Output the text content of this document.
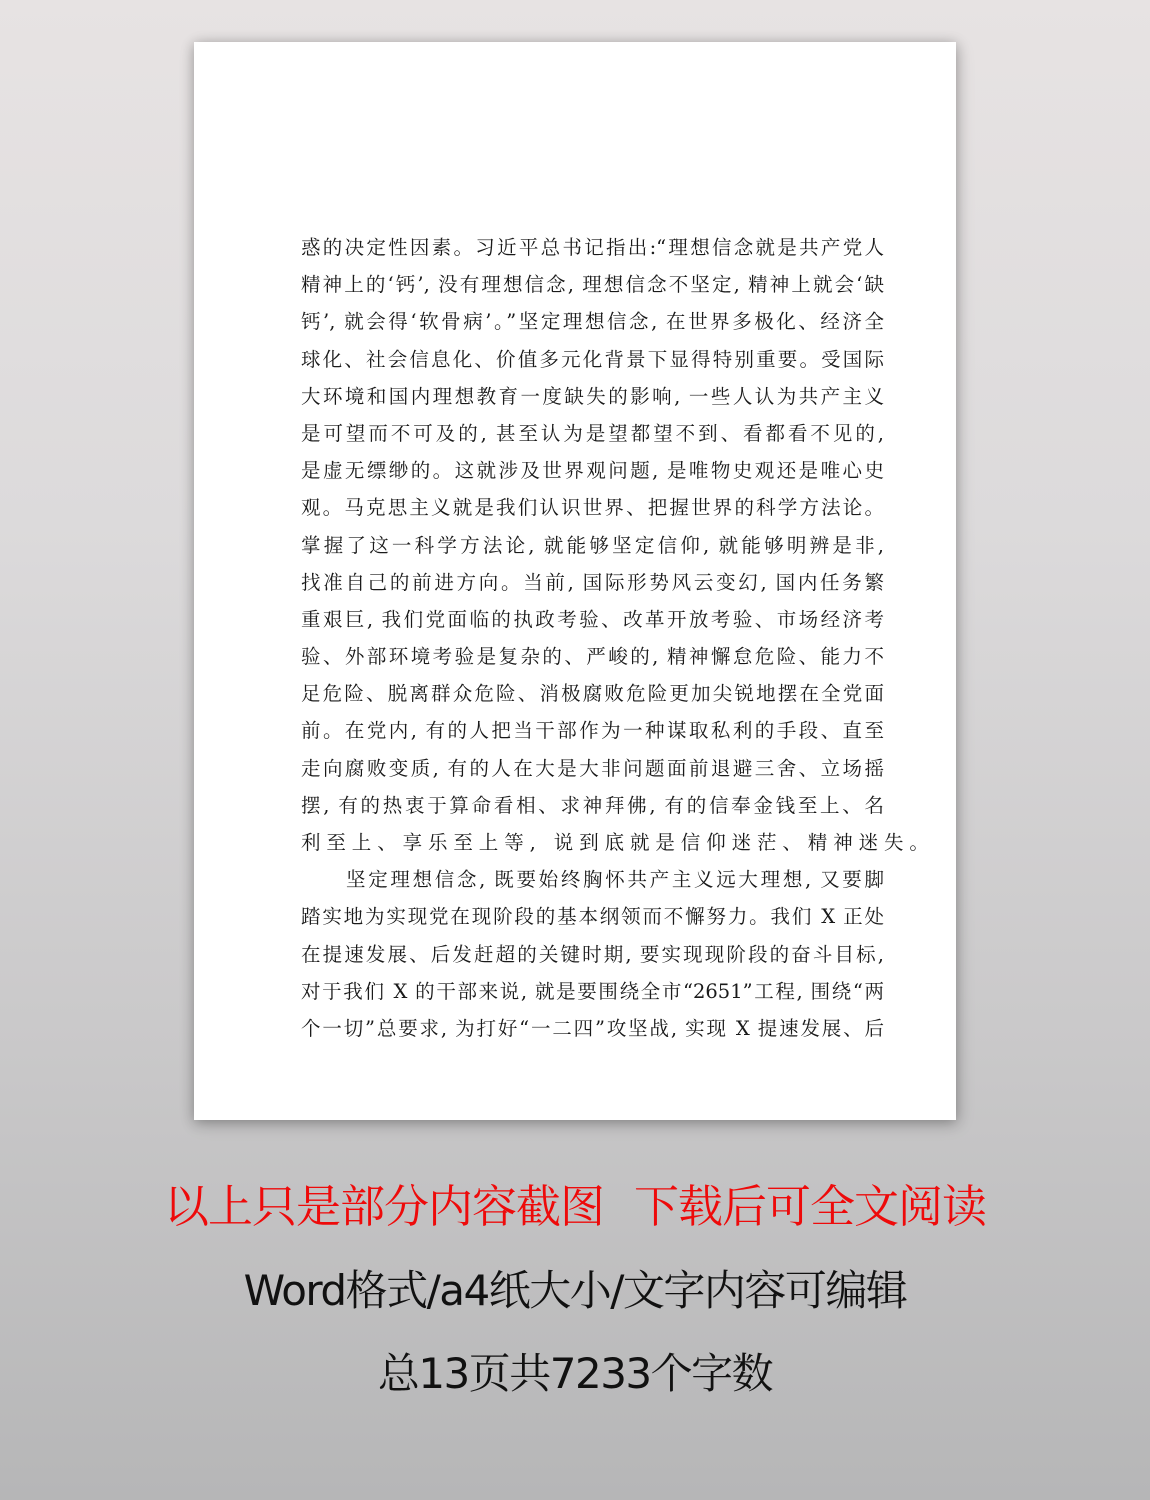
惑的决定性因素。习近平总书记指出:“理想信念就是共产党人
精神上的‘钙’, 没有理想信念, 理想信念不坚定, 精神上就会‘缺
钙’, 就会得‘软骨病’。”坚定理想信念, 在世界多极化、经济全
球化、社会信息化、价值多元化背景下显得特别重要。受国际
大环境和国内理想教育一度缺失的影响, 一些人认为共产主义
是可望而不可及的, 甚至认为是望都望不到、看都看不见的,
是虚无缥缈的。这就涉及世界观问题, 是唯物史观还是唯心史
观。马克思主义就是我们认识世界、把握世界的科学方法论。
掌握了这一科学方法论, 就能够坚定信仰, 就能够明辨是非,
找准自己的前进方向。当前, 国际形势风云变幻, 国内任务繁
重艰巨, 我们党面临的执政考验、改革开放考验、市场经济考
验、外部环境考验是复杂的、严峻的, 精神懈怠危险、能力不
足危险、脱离群众危险、消极腐败危险更加尖锐地摆在全党面
前。在党内, 有的人把当干部作为一种谋取私利的手段、直至
走向腐败变质, 有的人在大是大非问题面前退避三舍、立场摇
摆, 有的热衷于算命看相、求神拜佛, 有的信奉金钱至上、名
利至上、享乐至上等, 说到底就是信仰迷茫、精神迷失。
坚定理想信念, 既要始终胸怀共产主义远大理想, 又要脚
踏实地为实现党在现阶段的基本纲领而不懈努力。我们 X 正处
在提速发展、后发赶超的关键时期, 要实现现阶段的奋斗目标,
对于我们 X 的干部来说, 就是要围绕全市“2651”工程, 围绕“两
个一切”总要求, 为打好“一二四”攻坚战, 实现 X 提速发展、后
以上只是部分内容截图 下载后可全文阅读
Word格式/a4纸大小/文字内容可编辑
总13页共7233个字数
